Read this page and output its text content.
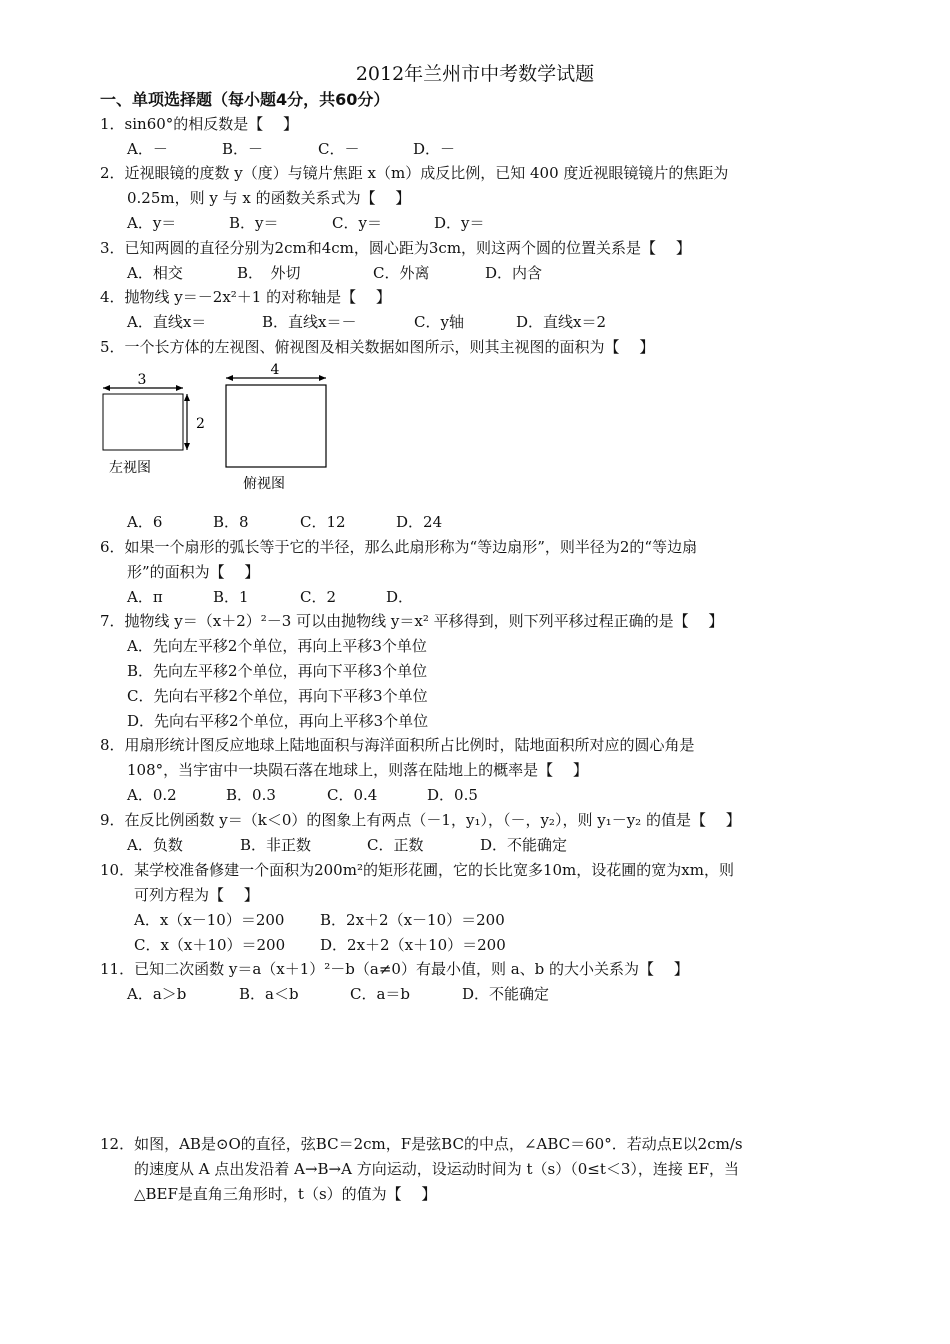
2012年兰州市中考数学试题
一、单项选择题（每小题4分，共60分）
1．sin60°的相反数是【　 】
A．－	B．－	C．－	D．－
2．近视眼镜的度数 y（度）与镜片焦距 x（m）成反比例，已知 400 度近视眼镜镜片的焦距为
0.25m，则 y 与 x 的函数关系式为【　 】
A．y＝	B．y＝	C．y＝	D．y＝
3．已知两圆的直径分别为2cm和4cm，圆心距为3cm，则这两个圆的位置关系是【　 】
A．相交	B．　外切	C．外离	D．内含
4．抛物线 y＝－2x²＋1 的对称轴是【　 】
A．直线x＝	B．直线x＝－	C．y轴	D．直线x＝2
5．一个长方体的左视图、俯视图及相关数据如图所示，则其主视图的面积为【　 】
3
2
左视图
4
俯视图
A．6	B．8	C．12	D．24
6．如果一个扇形的弧长等于它的半径，那么此扇形称为“等边扇形”，则半径为2的“等边扇
形”的面积为【　 】
A．π	B．1	C．2	D．
7．抛物线 y＝（x＋2）²－3 可以由抛物线 y＝x² 平移得到，则下列平移过程正确的是【　 】
A．先向左平移2个单位，再向上平移3个单位
B．先向左平移2个单位，再向下平移3个单位
C．先向右平移2个单位，再向下平移3个单位
D．先向右平移2个单位，再向上平移3个单位
8．用扇形统计图反应地球上陆地面积与海洋面积所占比例时，陆地面积所对应的圆心角是
108°，当宇宙中一块陨石落在地球上，则落在陆地上的概率是【　 】
A．0.2	B．0.3	C．0.4	D．0.5
9．在反比例函数 y＝（k＜0）的图象上有两点（－1，y₁），（－，y₂），则 y₁－y₂ 的值是【　 】
A．负数	B．非正数	C．正数	D．不能确定
10．某学校准备修建一个面积为200m²的矩形花圃，它的长比宽多10m，设花圃的宽为xm，则
可列方程为【　 】
A．x（x－10）＝200 B．2x＋2（x－10）＝200
C．x（x＋10）＝200 D．2x＋2（x＋10）＝200
11．已知二次函数 y＝a（x＋1）²－b（a≠0）有最小值，则 a、b 的大小关系为【　 】
A．a＞b	B．a＜b	C．a＝b	D．不能确定
12．如图，AB是⊙O的直径，弦BC＝2cm，F是弦BC的中点，∠ABC＝60°．若动点E以2cm/s
的速度从 A 点出发沿着 A→B→A 方向运动，设运动时间为 t（s）（0≤t＜3），连接 EF，当
△BEF是直角三角形时，t（s）的值为【　 】
